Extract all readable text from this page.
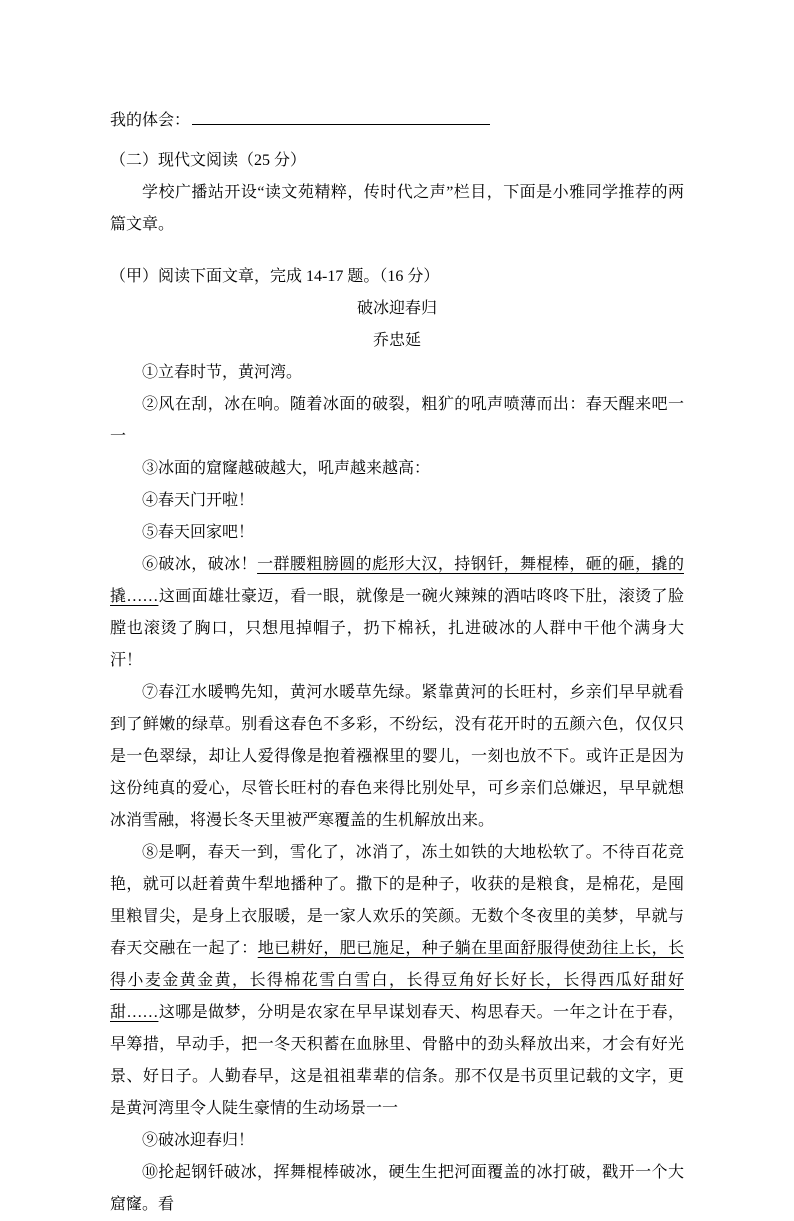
我的体会：
（二）现代文阅读（25 分）
学校广播站开设“读文苑精粹，传时代之声”栏目，下面是小雅同学推荐的两篇文章。
（甲）阅读下面文章，完成 14-17 题。（16 分）
破冰迎春归
乔忠延

①立春时节，黄河湾。

②风在刮，冰在响。随着冰面的破裂，粗犷的吼声喷薄而出：春天醒来吧一一

③冰面的窟窿越破越大，吼声越来越高：

④春天门开啦！

⑤春天回家吧！

⑥破冰，破冰！一群腰粗膀圆的彪形大汉，持钢钎，舞棍棒，砸的砸，撬的撬……这画面雄壮豪迈，看一眼，就像是一碗火辣辣的酒咕咚咚下肚，滚烫了脸膛也滚烫了胸口，只想甩掉帽子，扔下棉袄，扎进破冰的人群中干他个满身大汗！

⑦春江水暖鸭先知，黄河水暖草先绿。紧靠黄河的长旺村，乡亲们早早就看到了鲜嫩的绿草。别看这春色不多彩，不纷纭，没有花开时的五颜六色，仅仅只是一色翠绿，却让人爱得像是抱着襁褓里的婴儿，一刻也放不下。或许正是因为这份纯真的爱心，尽管长旺村的春色来得比别处早，可乡亲们总嫌迟，早早就想冰消雪融，将漫长冬天里被严寒覆盖的生机解放出来。

⑧是啊，春天一到，雪化了，冰消了，冻土如铁的大地松软了。不待百花竞艳，就可以赶着黄牛犁地播种了。撒下的是种子，收获的是粮食，是棉花，是囤里粮冒尖，是身上衣服暖，是一家人欢乐的笑颜。无数个冬夜里的美梦，早就与春天交融在一起了：地已耕好，肥已施足，种子躺在里面舒服得使劲往上长，长得小麦金黄金黄，长得棉花雪白雪白，长得豆角好长好长，长得西瓜好甜好甜……这哪是做梦，分明是农家在早早谋划春天、构思春天。一年之计在于春，早筹措，早动手，把一冬天积蓄在血脉里、骨骼中的劲头释放出来，才会有好光景、好日子。人勤春早，这是祖祖辈辈的信条。那不仅是书页里记载的文字，更是黄河湾里令人陡生豪情的生动场景一一

⑨破冰迎春归！

⑩抡起钢钎破冰，挥舞棍棒破冰，硬生生把河面覆盖的冰打破，戳开一个大窟窿。看
